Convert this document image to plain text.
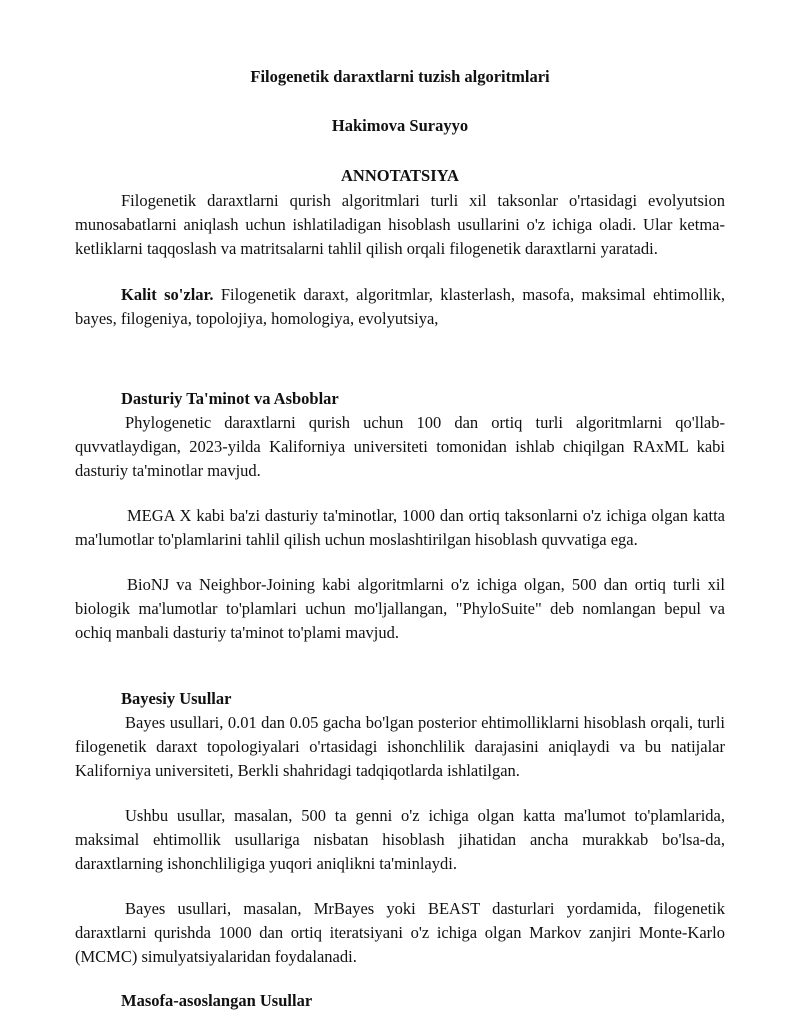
Filogenetik daraxtlarni tuzish algoritmlari
Hakimova Surayyo
ANNOTATSIYA

Filogenetik daraxtlarni qurish algoritmlari turli xil taksonlar o'rtasidagi evolyutsion munosabatlarni aniqlash uchun ishlatiladigan hisoblash usullarini o'z ichiga oladi. Ular ketma-ketliklarni taqqoslash va matritsalarni tahlil qilish orqali filogenetik daraxtlarni yaratadi.

Kalit so'zlar. Filogenetik daraxt, algoritmlar, klasterlash, masofa, maksimal ehtimollik, bayes, filogeniya, topolojiya, homologiya, evolyutsiya,

Dasturiy Ta'minot va Asboblar

Phylogenetic daraxtlarni qurish uchun 100 dan ortiq turli algoritmlarni qo'llab-quvvatlaydigan, 2023-yilda Kaliforniya universiteti tomonidan ishlab chiqilgan RAxML kabi dasturiy ta'minotlar mavjud.

MEGA X kabi ba'zi dasturiy ta'minotlar, 1000 dan ortiq taksonlarni o'z ichiga olgan katta ma'lumotlar to'plamlarini tahlil qilish uchun moslashtirilgan hisoblash quvvatiga ega.

BioNJ va Neighbor-Joining kabi algoritmlarni o'z ichiga olgan, 500 dan ortiq turli xil biologik ma'lumotlar to'plamlari uchun mo'ljallangan, "PhyloSuite" deb nomlangan bepul va ochiq manbali dasturiy ta'minot to'plami mavjud.

Bayesiy Usullar

Bayes usullari, 0.01 dan 0.05 gacha bo'lgan posterior ehtimolliklarni hisoblash orqali, turli filogenetik daraxt topologiyalari o'rtasidagi ishonchlilik darajasini aniqlaydi va bu natijalar Kaliforniya universiteti, Berkli shahridagi tadqiqotlarda ishlatilgan.

Ushbu usullar, masalan, 500 ta genni o'z ichiga olgan katta ma'lumot to'plamlarida, maksimal ehtimollik usullariga nisbatan hisoblash jihatidan ancha murakkab bo'lsa-da, daraxtlarning ishonchliligiga yuqori aniqlikni ta'minlaydi.

Bayes usullari, masalan, MrBayes yoki BEAST dasturlari yordamida, filogenetik daraxtlarni qurishda 1000 dan ortiq iteratsiyani o'z ichiga olgan Markov zanjiri Monte-Karlo (MCMC) simulyatsiyalaridan foydalanadi.

Masofa-asoslangan Usullar
